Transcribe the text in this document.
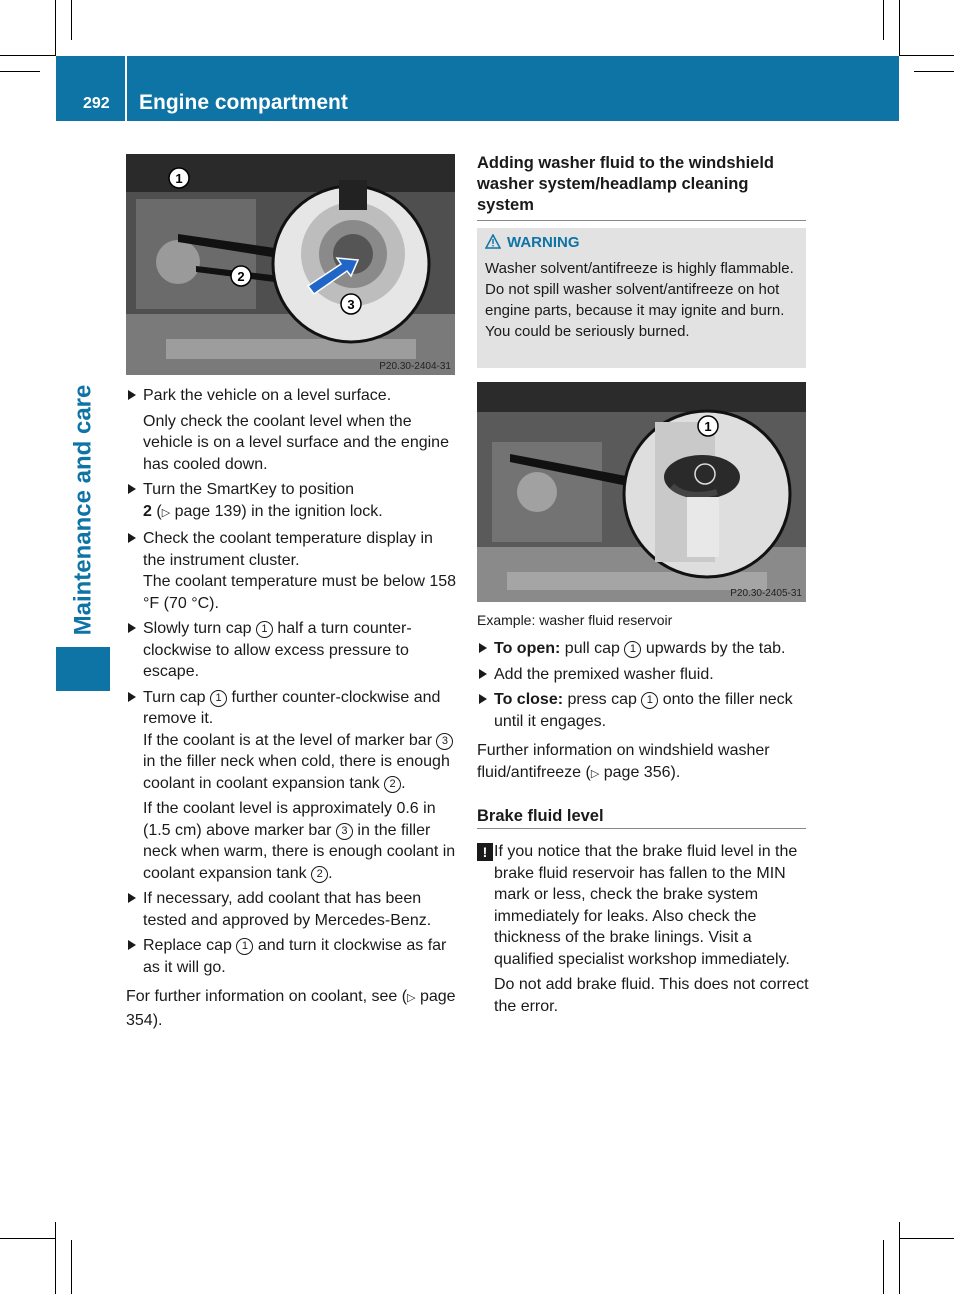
292 Engine compartment
Maintenance and care
1
2
3
P20.30-2404-31
Park the vehicle on a level surface.
Only check the coolant level when the vehicle is on a level surface and the engine has cooled down.
Turn the SmartKey to position
2 (▷ page 139) in the ignition lock.
Check the coolant temperature display in the instrument cluster.
The coolant temperature must be below 158 °F (70 °C).
Slowly turn cap 1 half a turn counter-clockwise to allow excess pressure to escape.
Turn cap 1 further counter-clockwise and remove it.
If the coolant is at the level of marker bar 3 in the filler neck when cold, there is enough coolant in coolant expansion tank 2 .
If the coolant level is approximately 0.6 in (1.5 cm) above marker bar 3 in the filler neck when warm, there is enough coolant in coolant expansion tank 2 .
If necessary, add coolant that has been tested and approved by Mercedes-Benz.
Replace cap 1 and turn it clockwise as far as it will go.
For further information on coolant, see (▷ page 354).
Adding washer fluid to the windshield washer system/headlamp cleaning system
WARNING
Washer solvent/antifreeze is highly flammable. Do not spill washer solvent/antifreeze on hot engine parts, because it may ignite and burn. You could be seriously burned.
1
P20.30-2405-31
Example: washer fluid reservoir
To open: pull cap 1 upwards by the tab.
Add the premixed washer fluid.
To close: press cap 1 onto the filler neck until it engages.
Further information on windshield washer fluid/antifreeze (▷ page 356).
Brake fluid level
! If you notice that the brake fluid level in the brake fluid reservoir has fallen to the MIN mark or less, check the brake system immediately for leaks. Also check the thickness of the brake linings. Visit a qualified specialist workshop immediately.
Do not add brake fluid. This does not correct the error.
